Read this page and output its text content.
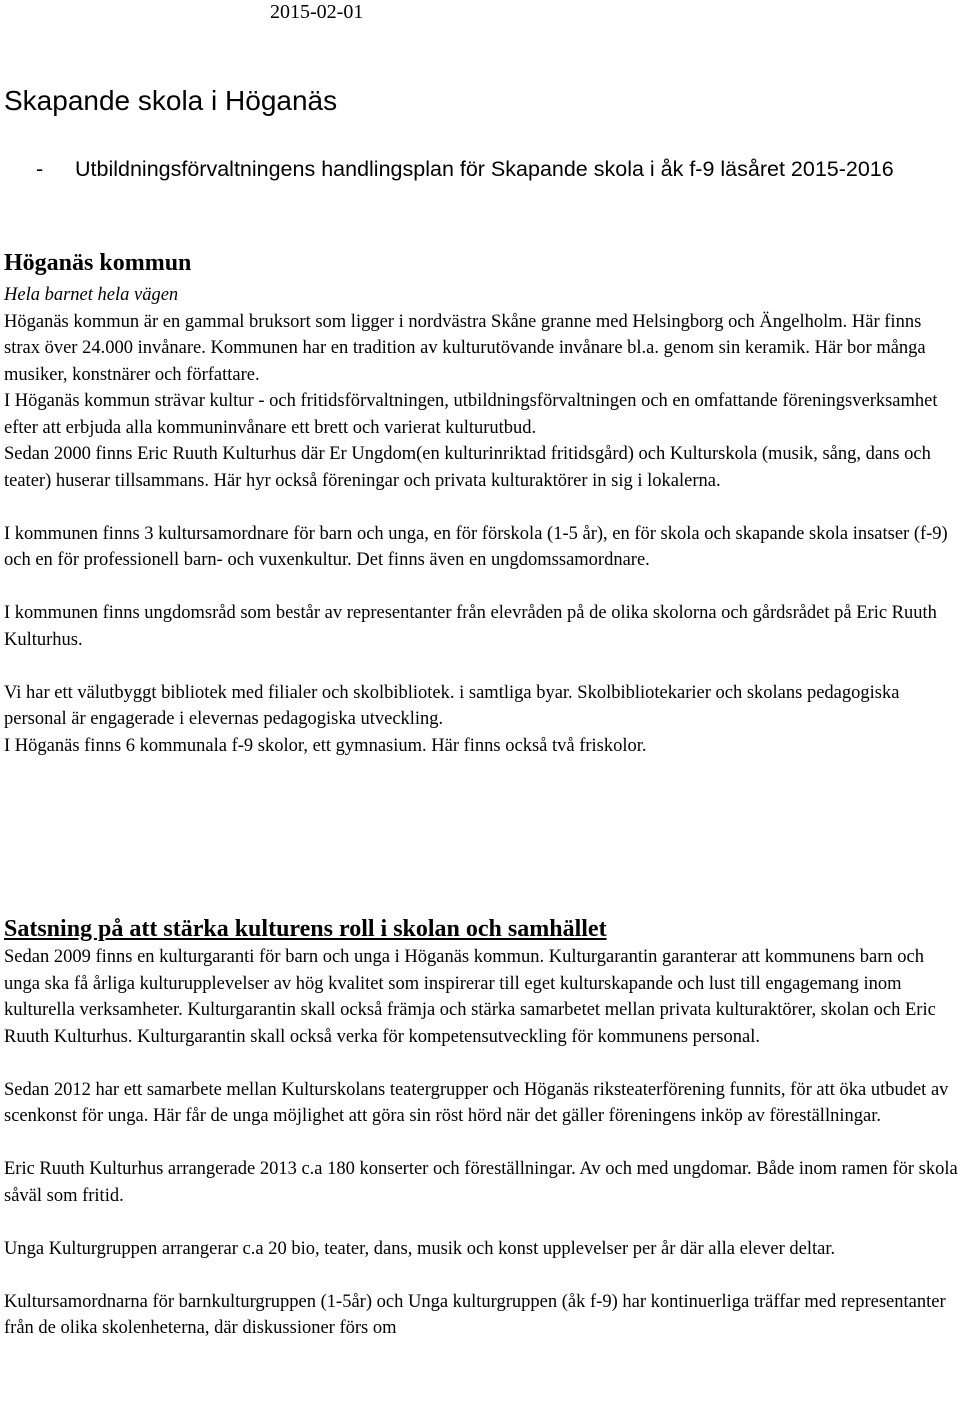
2015-02-01
Skapande skola i Höganäs
-	Utbildningsförvaltningens handlingsplan för Skapande skola i åk f-9 läsåret 2015-2016
Höganäs kommun

Hela barnet hela vägen

Höganäs kommun är en gammal bruksort som ligger i nordvästra Skåne granne med Helsingborg och Ängelholm. Här finns strax över 24.000 invånare. Kommunen har en tradition av kulturutövande invånare bl.a. genom sin keramik. Här bor många musiker, konstnärer och författare.

I Höganäs kommun strävar kultur - och fritidsförvaltningen, utbildningsförvaltningen och en omfattande föreningsverksamhet efter att erbjuda alla kommuninvånare ett brett och varierat kulturutbud.

Sedan 2000 finns Eric Ruuth Kulturhus där Er Ungdom(en kulturinriktad fritidsgård) och Kulturskola (musik, sång, dans och teater) huserar tillsammans. Här hyr också föreningar och privata kulturaktörer in sig i lokalerna.

I kommunen finns 3 kultursamordnare för barn och unga, en för förskola (1-5 år), en för skola och skapande skola insatser (f-9) och en för professionell barn- och vuxenkultur. Det finns även en ungdomssamordnare.

I kommunen finns ungdomsråd som består av representanter från elevråden på de olika skolorna och gårdsrådet på Eric Ruuth Kulturhus.

Vi har ett välutbyggt bibliotek med filialer och skolbibliotek. i samtliga byar. Skolbibliotekarier och skolans pedagogiska personal är engagerade i elevernas pedagogiska utveckling.

I Höganäs finns 6 kommunala f-9 skolor, ett gymnasium. Här finns också två friskolor.

Satsning på att stärka kulturens roll i skolan och samhället

Sedan 2009 finns en kulturgaranti för barn och unga i Höganäs kommun. Kulturgarantin garanterar att kommunens barn och unga ska få årliga kulturupplevelser av hög kvalitet som inspirerar till eget kulturskapande och lust till engagemang inom kulturella verksamheter. Kulturgarantin skall också främja och stärka samarbetet mellan privata kulturaktörer, skolan och Eric Ruuth Kulturhus. Kulturgarantin skall också verka för kompetensutveckling för kommunens personal.

Sedan 2012 har ett samarbete mellan Kulturskolans teatergrupper och Höganäs riksteaterförening funnits, för att öka utbudet av scenkonst för unga. Här får de unga möjlighet att göra sin röst hörd när det gäller föreningens inköp av föreställningar.

Eric Ruuth Kulturhus arrangerade 2013 c.a 180 konserter och föreställningar. Av och med ungdomar. Både inom ramen för skola såväl som fritid.

Unga Kulturgruppen arrangerar c.a 20 bio, teater, dans, musik och konst upplevelser per år där alla elever deltar.

Kultursamordnarna för barnkulturgruppen (1-5år) och Unga kulturgruppen (åk f-9) har kontinuerliga träffar med representanter från de olika skolenheterna, där diskussioner förs om
